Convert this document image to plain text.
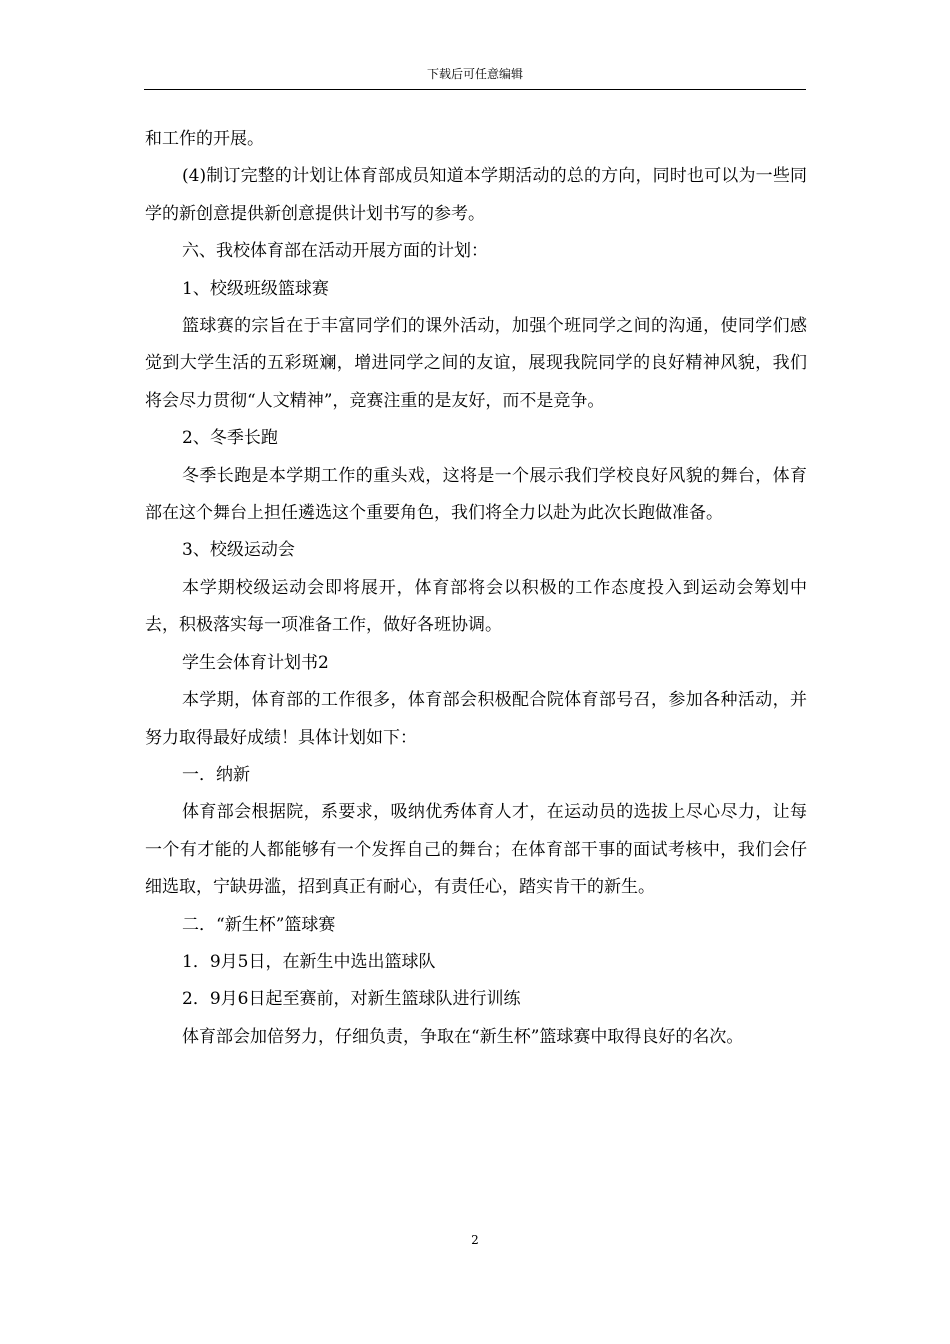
下载后可任意编辑

和工作的开展。

(4)制订完整的计划让体育部成员知道本学期活动的总的方向，同时也可以为一些同学的新创意提供新创意提供计划书写的参考。

六、我校体育部在活动开展方面的计划：

1、校级班级篮球赛

篮球赛的宗旨在于丰富同学们的课外活动，加强个班同学之间的沟通，使同学们感觉到大学生活的五彩斑斓，增进同学之间的友谊，展现我院同学的良好精神风貌，我们将会尽力贯彻“人文精神”，竞赛注重的是友好，而不是竞争。

2、冬季长跑

冬季长跑是本学期工作的重头戏，这将是一个展示我们学校良好风貌的舞台，体育部在这个舞台上担任遴选这个重要角色，我们将全力以赴为此次长跑做准备。

3、校级运动会

本学期校级运动会即将展开，体育部将会以积极的工作态度投入到运动会筹划中去，积极落实每一项准备工作，做好各班协调。

学生会体育计划书2

本学期，体育部的工作很多，体育部会积极配合院体育部号召，参加各种活动，并努力取得最好成绩！具体计划如下：

一．纳新

体育部会根据院，系要求，吸纳优秀体育人才，在运动员的选拔上尽心尽力，让每一个有才能的人都能够有一个发挥自己的舞台；在体育部干事的面试考核中，我们会仔细选取，宁缺毋滥，招到真正有耐心，有责任心，踏实肯干的新生。

二．“新生杯”篮球赛

1．9月5日，在新生中选出篮球队

2．9月6日起至赛前，对新生篮球队进行训练

体育部会加倍努力，仔细负责，争取在“新生杯”篮球赛中取得良好的名次。

2
